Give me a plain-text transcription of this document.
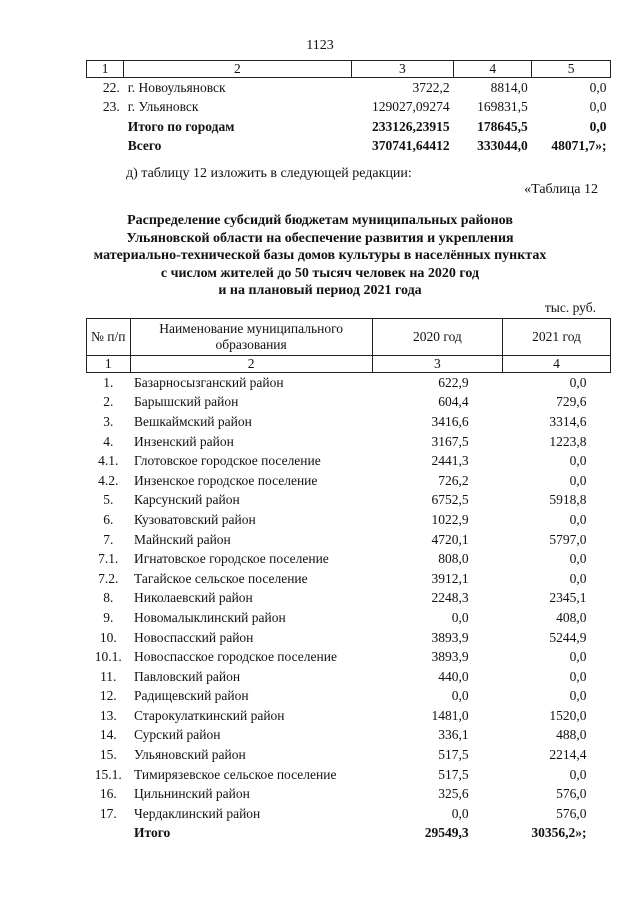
1123
1	2	3	4	5
22.	г. Новоульяновск	3722,2	8814,0	0,0
23.	г. Ульяновск	129027,09274	169831,5	0,0
	Итого по городам	233126,23915	178645,5	0,0
	Всего	370741,64412	333044,0	48071,7»;
д) таблицу 12 изложить в следующей редакции:
«Таблица 12
Распределение субсидий бюджетам муниципальных районов
Ульяновской области на обеспечение развития и укрепления
материально-технической базы домов культуры в населённых пунктах
с числом жителей до 50 тысяч человек на 2020 год
и на плановый период 2021 года
тыс. руб.
№ п/п	Наименование муниципального образования	2020 год	2021 год
1	2	3	4
1.	Базарносызганский район	622,9	0,0
2.	Барышский район	604,4	729,6
3.	Вешкаймский район	3416,6	3314,6
4.	Инзенский район	3167,5	1223,8
4.1.	Глотовское городское поселение	2441,3	0,0
4.2.	Инзенское городское поселение	726,2	0,0
5.	Карсунский район	6752,5	5918,8
6.	Кузоватовский район	1022,9	0,0
7.	Майнский район	4720,1	5797,0
7.1.	Игнатовское городское поселение	808,0	0,0
7.2.	Тагайское сельское поселение	3912,1	0,0
8.	Николаевский район	2248,3	2345,1
9.	Новомалыклинский район	0,0	408,0
10.	Новоспасский район	3893,9	5244,9
10.1.	Новоспасское городское поселение	3893,9	0,0
11.	Павловский район	440,0	0,0
12.	Радищевский район	0,0	0,0
13.	Старокулаткинский район	1481,0	1520,0
14.	Сурский район	336,1	488,0
15.	Ульяновский район	517,5	2214,4
15.1.	Тимирязевское сельское поселение	517,5	0,0
16.	Цильнинский район	325,6	576,0
17.	Чердаклинский район	0,0	576,0
	Итого	29549,3	30356,2»;
